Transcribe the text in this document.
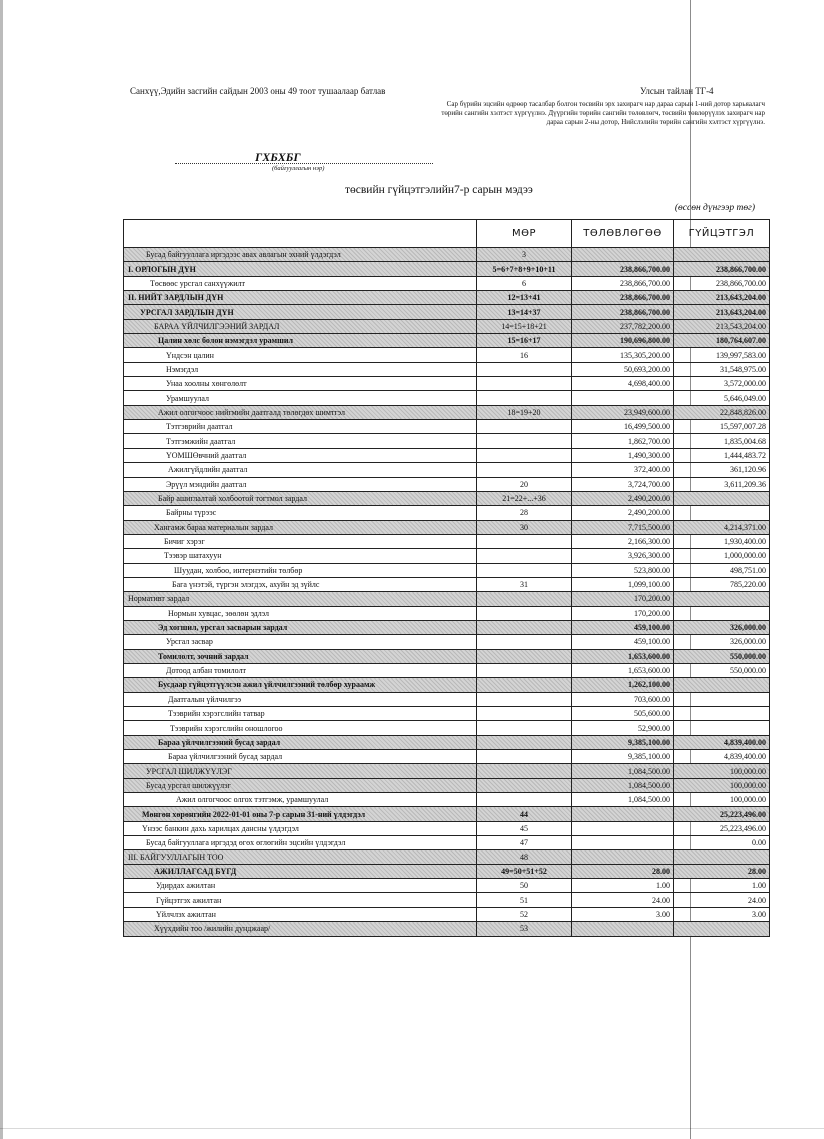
Санхүү,Эдийн засгийн сайдын 2003 оны 49 тоот тушаалаар батлав	Улсын тайлан ТГ-4
Сар бүрийн эцсийн өдрөөр тасалбар болгон төсвийн эрх захирагч нар дараа сарын 1-ний дотор харьяалагч төрийн сангийн хэлтэст хүргүүлнэ. Дүүргийн төрийн сангийн төлөвлөгч, төсвийн төвлөрүүлэх захирагч нар дараа сарын 2-ны дотор, Нийслэлийн төрийн сангийн хэлтэст хүргүүлнэ.
ГХБХБГ
(байгууллагын нэр)
төсвийн гүйцэтгэлийн7-р сарын мэдээ
(өссөн дүнгээр төг)
	МӨР	ТӨЛӨВЛӨГӨӨ	ГҮЙЦЭТГЭЛ
Бусад байгууллага иргэдээс авах авлагын эхний үлдэгдэл	3		
I. ОРЛОГЫН ДҮН	5=6+7+8+9+10+11	238,866,700.00	238,866,700.00
Төсвөөс урсгал санхүүжилт	6	238,866,700.00	238,866,700.00
II. НИЙТ ЗАРДЛЫН ДҮН	12=13+41	238,866,700.00	213,643,204.00
УРСГАЛ ЗАРДЛЫН ДҮН	13=14+37	238,866,700.00	213,643,204.00
БАРАА ҮЙЛЧИЛГЭЭНИЙ ЗАРДАЛ	14=15+18+21	237,782,200.00	213,543,204.00
Цалин хөлс болон нэмэгдэл урамшил	15=16+17	190,696,800.00	180,764,607.00
Үндсэн цалин	16	135,305,200.00	139,997,583.00
Нэмэгдэл		50,693,200.00	31,548,975.00
Унаа хоолны хөнгөлөлт		4,698,400.00	3,572,000.00
Урамшуулал			5,646,049.00
Ажил олгогчоос нийгмийн даатгалд төлөгдөх шимтгэл	18=19+20	23,949,600.00	22,848,826.00
Тэтгэврийн даатгал		16,499,500.00	15,597,007.28
Тэтгэмжийн даатгал		1,862,700.00	1,835,004.68
ҮОМШӨвчний даатгал		1,490,300.00	1,444,483.72
Ажилгүйдлийн даатгал		372,400.00	361,120.96
Эрүүл мэндийн даатгал	20	3,724,700.00	3,611,209.36
Байр ашиглалтай холбоотой тогтмол зардал	21=22+...+36	2,490,200.00	
Байрны түрээс	28	2,490,200.00	
Хангамж бараа материалын зардал	30	7,715,500.00	4,214,371.00
Бичиг хэрэг		2,166,300.00	1,930,400.00
Тээвэр шатахуун		3,926,300.00	1,000,000.00
Шуудан, холбоо, интернэтийн төлбөр		523,800.00	498,751.00
Бага үнэтэй, түргэн элэгдэх, ахуйн эд зүйлс	31	1,099,100.00	785,220.00
Нормативт зардал		170,200.00	
Нормын хувцас, зөөлөн эдлэл		170,200.00	
Эд хогшил, урсгал засварын зардал		459,100.00	326,000.00
Урсгал засвар		459,100.00	326,000.00
Томилолт, зочний зардал		1,653,600.00	550,000.00
Дотоод албан томилолт		1,653,600.00	550,000.00
Бусдаар гүйцэтгүүлсэн ажил үйлчилгээний төлбөр хураамж		1,262,100.00	
Даатгалын үйлчилгээ		703,600.00	
Тээврийн хэрэгслийн татвар		505,600.00	
Тээврийн хэрэгслийн оношлогоо		52,900.00	
Бараа үйлчилгээний бусад зардал		9,385,100.00	4,839,400.00
Бараа үйлчилгээний бусад зардал		9,385,100.00	4,839,400.00
УРСГАЛ ШИЛЖҮҮЛЭГ		1,084,500.00	100,000.00
Бусад урсгал шилжүүлэг		1,084,500.00	100,000.00
Ажил олгогчоос олгох тэтгэмж, урамшуулал		1,084,500.00	100,000.00
Мөнгөн хөрөнгийн 2022-01-01 оны 7-р сарын 31-ний үлдэгдэл	44		25,223,496.00
Үнээс банкин дахь харилцах дансны үлдэгдэл	45		25,223,496.00
Бусад байгууллага иргэдэд өгөх өглөгийн эцсийн үлдэгдэл	47		0.00
III. БАЙГУУЛЛАГЫН ТОО	48		
АЖИЛЛАГСАД БҮГД	49=50+51+52	28.00	28.00
Удирдах ажилтан	50	1.00	1.00
Гүйцэтгэх ажилтан	51	24.00	24.00
Үйлчлэх ажилтан	52	3.00	3.00
Хүүхдийн тоо /жилийн дунджаар/	53		
